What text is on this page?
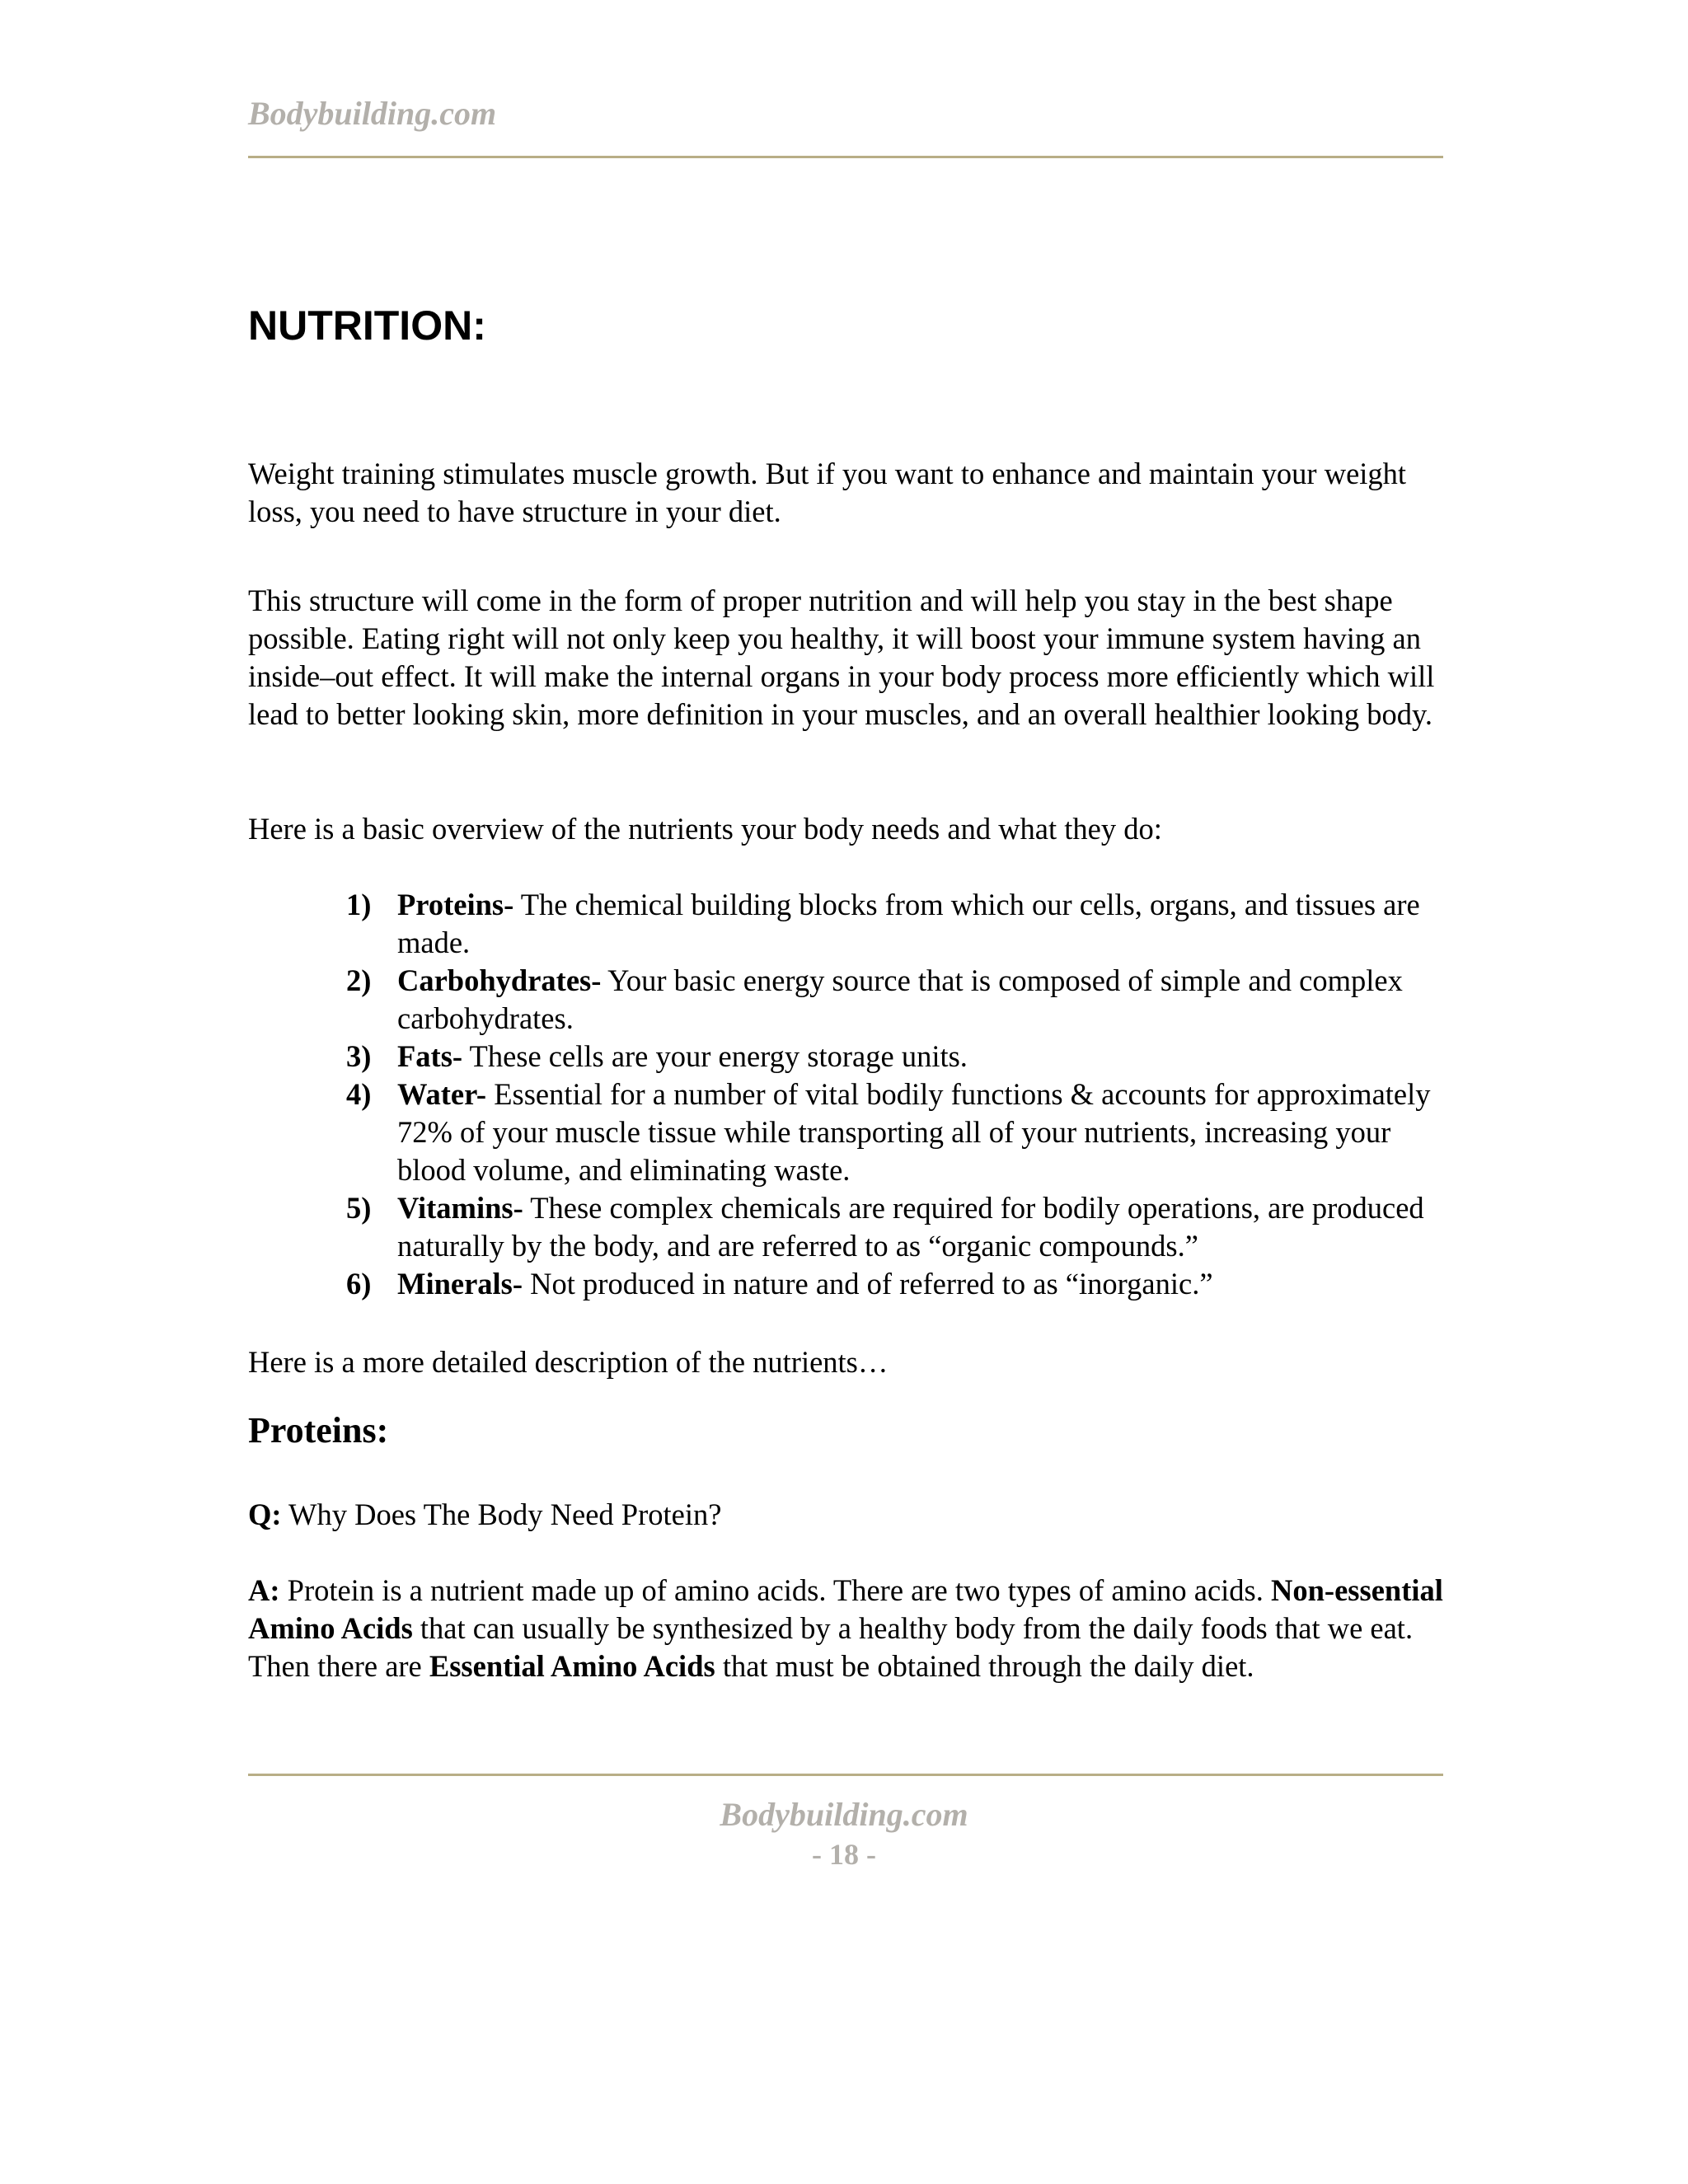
Bodybuilding.com
NUTRITION:

Weight training stimulates muscle growth. But if you want to enhance and maintain your weight loss, you need to have structure in your diet.

This structure will come in the form of proper nutrition and will help you stay in the best shape possible. Eating right will not only keep you healthy, it will boost your immune system having an inside–out effect. It will make the internal organs in your body process more efficiently which will lead to better looking skin, more definition in your muscles, and an overall healthier looking body.

Here is a basic overview of the nutrients your body needs and what they do:

1) Proteins- The chemical building blocks from which our cells, organs, and tissues are made.
2) Carbohydrates- Your basic energy source that is composed of simple and complex carbohydrates.
3) Fats- These cells are your energy storage units.
4) Water- Essential for a number of vital bodily functions & accounts for approximately 72% of your muscle tissue while transporting all of your nutrients, increasing your blood volume, and eliminating waste.
5) Vitamins- These complex chemicals are required for bodily operations, are produced naturally by the body, and are referred to as “organic compounds.”
6) Minerals- Not produced in nature and of referred to as “inorganic.”

Here is a more detailed description of the nutrients…

Proteins:

Q: Why Does The Body Need Protein?

A: Protein is a nutrient made up of amino acids. There are two types of amino acids. Non-essential Amino Acids that can usually be synthesized by a healthy body from the daily foods that we eat. Then there are Essential Amino Acids that must be obtained through the daily diet.

Bodybuilding.com
- 18 -
